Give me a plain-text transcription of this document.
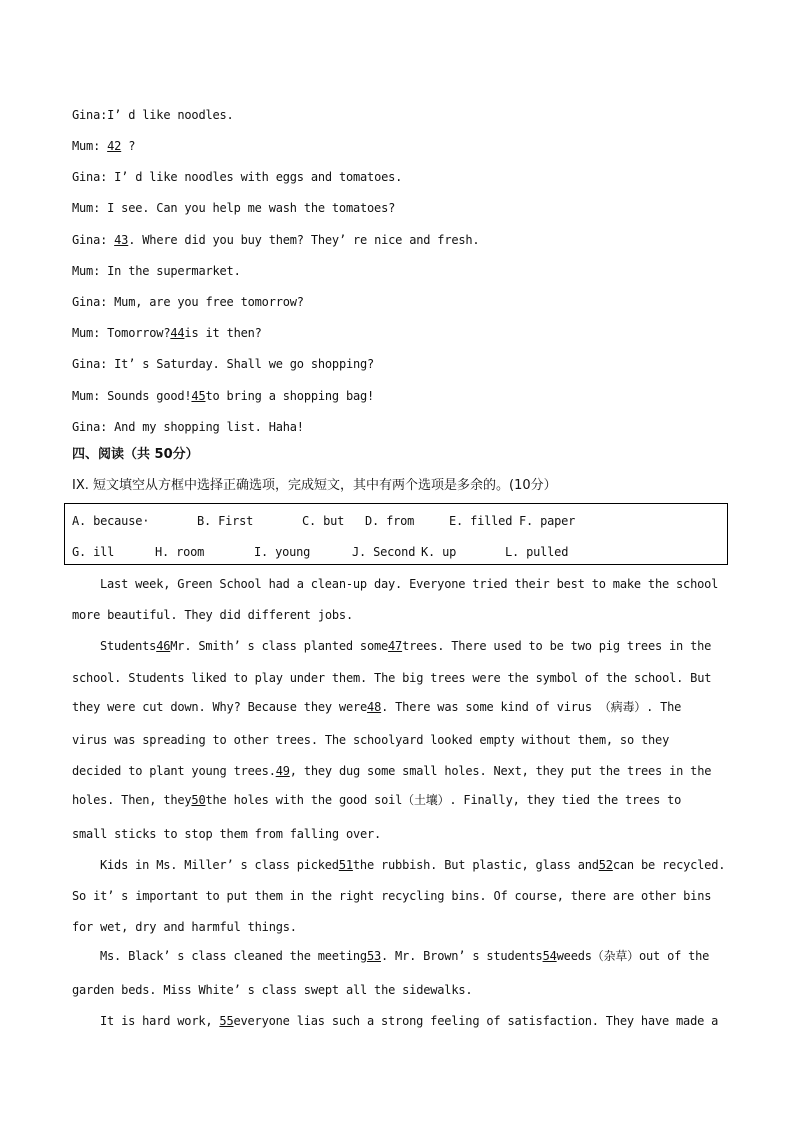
Gina:I’ d like noodles.
Mum: 42 ?
Gina: I’ d like noodles with eggs and tomatoes.
Mum: I see. Can you help me wash the tomatoes?
Gina: 43. Where did you buy them? They’ re nice and fresh.
Mum: In the supermarket.
Gina: Mum, are you free tomorrow?
Mum: Tomorrow?44is it then?
Gina: It’ s Saturday. Shall we go shopping?
Mum: Sounds good!45to bring a shopping bag!
Gina: And my shopping list. Haha!
四、阅读（共 50分）
IX. 短文填空从方框中选择正确选项，完成短文，其中有两个选项是多余的。(10分）
A. because·	B. First	C. but D. from	E. filled F. paper
G. ill	H. room	I. young	J. Second K. up	L. pulled
Last week, Green School had a clean-up day. Everyone tried their best to make the school
more beautiful. They did different jobs.
Students46Mr. Smith’ s class planted some47trees. There used to be two pig trees in the
school. Students liked to play under them. The big trees were the symbol of the school. But
they were cut down. Why? Because they were48. There was some kind of virus （病毒）. The
virus was spreading to other trees. The schoolyard looked empty without them, so they
decided to plant young trees.49, they dug some small holes. Next, they put the trees in the
holes. Then, they50the holes with the good soil（土壤）. Finally, they tied the trees to
small sticks to stop them from falling over.
Kids in Ms. Miller’ s class picked51the rubbish. But plastic, glass and52can be recycled.
So it’ s important to put them in the right recycling bins. Of course, there are other bins
for wet, dry and harmful things.
Ms. Black’ s class cleaned the meeting53. Mr. Brown’ s students54weeds（杂草）out of the
garden beds. Miss White’ s class swept all the sidewalks.
It is hard work, 55everyone lias such a strong feeling of satisfaction. They have made a
